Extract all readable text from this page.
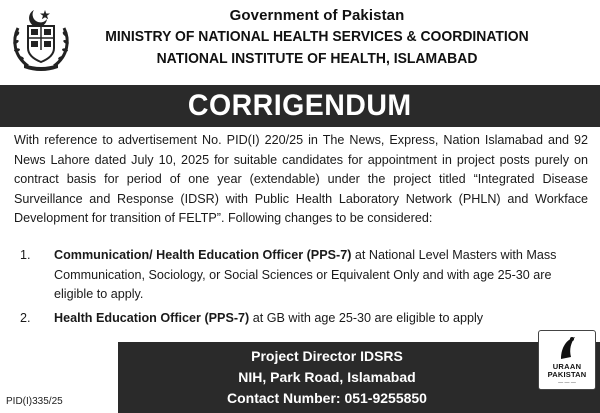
Government of Pakistan
MINISTRY OF NATIONAL HEALTH SERVICES & COORDINATION
NATIONAL INSTITUTE OF HEALTH, ISLAMABAD
CORRIGENDUM
With reference to advertisement No. PID(I) 220/25 in The News, Express, Nation Islamabad and 92 News Lahore dated July 10, 2025 for suitable candidates for appointment in project posts purely on contract basis for period of one year (extendable) under the project titled “Integrated Disease Surveillance and Response (IDSR) with Public Health Laboratory Network (PHLN) and Workface Development for transition of FELTP”. Following changes to be considered:
1.	Communication/ Health Education Officer (PPS-7) at National Level Masters with Mass Communication, Sociology, or Social Sciences or Equivalent Only and with age 25-30 are eligible to apply.
2.	Health Education Officer (PPS-7) at GB with age 25-30 are eligible to apply
PID(I)335/25
Project Director IDSRS
NIH, Park Road, Islamabad
Contact Number: 051-9255850
URAAN
PAKISTAN
— — —
